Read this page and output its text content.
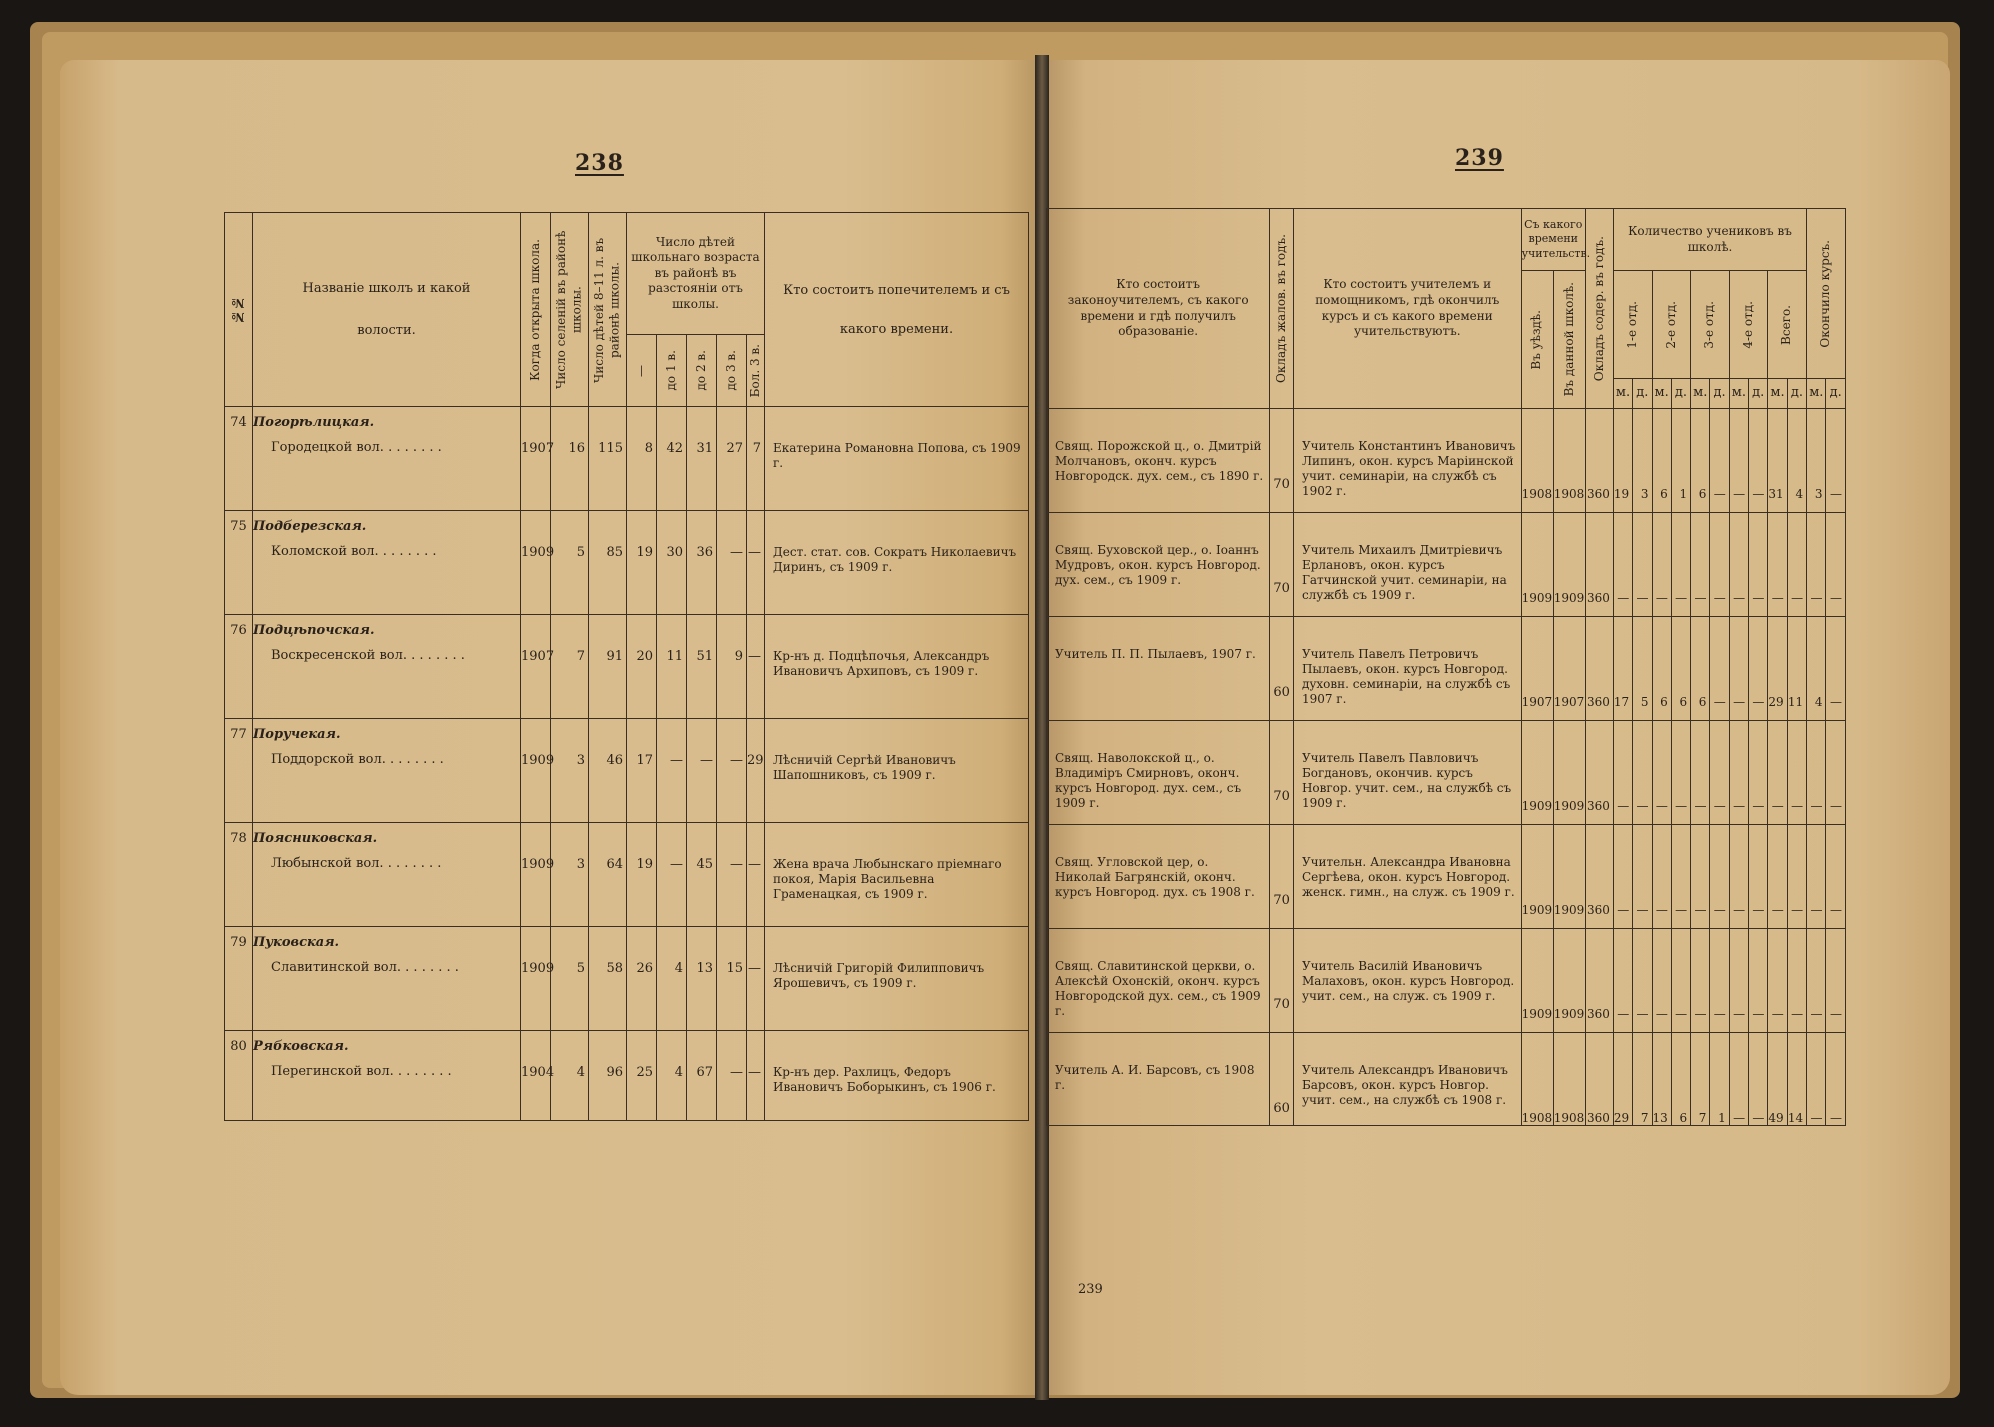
238	239
№№	Названіе школъ и какой волости.	Когда открыта школа.	Число селеній въ районѣ школы.	Число дѣтей 8–11 л. въ районѣ школы.	Число дѣтей школьнаго возраста въ районѣ въ разстояніи отъ школы.					Кто состоитъ попечителемъ и съ какого времени.

					—	до 1 в.	до 2 в.	до 3 в.	Бол. 3 в.	

74	Погорѣлицкая.
Городецкой вол. . . . . . . .	1907	16	115	8	42	31	27	7	Екатерина Романовна Попова, съ 1909 г.
75	Подберезская.
Коломской вол. . . . . . . .	1909	5	85	19	30	36	—	—	Дест. стат. сов. Сократъ Николаевичъ Диринъ, съ 1909 г.
76	Подцѣпочская.
Воскресенской вол. . . . . . . .	1907	7	91	20	11	51	9	—	Кр-нъ д. Подцѣпочья, Александръ Ивановичъ Архиповъ, съ 1909 г.
77	Поручекая.
Поддорской вол. . . . . . . .	1909	3	46	17	—	—	—	29	Лѣсничій Сергѣй Ивановичъ Шапошниковъ, съ 1909 г.
78	Поясниковская.
Любынской вол. . . . . . . .	1909	3	64	19	—	45	—	—	Жена врача Любынскаго пріемнаго покоя, Марія Васильевна Граменацкая, съ 1909 г.
79	Пуковская.
Славитинской вол. . . . . . . .	1909	5	58	26	4	13	15	—	Лѣсничій Григорій Филипповичъ Ярошевичъ, съ 1909 г.
80	Рябковская.
Перегинской вол. . . . . . . .	1904	4	96	25	4	67	—	—	Кр-нъ дер. Рахлицъ, Федоръ Ивановичъ Боборыкинъ, съ 1906 г.
Кто состоитъ законоучителемъ, съ какого времени и гдѣ получилъ образованіе.	Окладъ жалов. въ годъ.	Кто состоитъ учителемъ и помощникомъ, гдѣ окончилъ курсъ и съ какого времени учительствуютъ.	Съ какого времени учительств.		Окладъ содер. въ годъ.	Количество учениковъ въ школѣ.										Окончило курсъ.	

			Въ уѣздѣ.	Въ данной школѣ.		1-е отд.		2-е отд.		3-е отд.		4-е отд.		Всего.			

						м.	д.	м.	д.	м.	д.	м.	д.	м.	д.	м.	д.
Свящ. Порожской ц., о. Дмитрій Молчановъ, оконч. курсъ Новгородск. дух. сем., съ 1890 г.	70	Учитель Константинъ Ивановичъ Липинъ, окон. курсъ Маріинской учит. семинаріи, на службѣ съ 1902 г.	1908	1908	360	19	3	6	1	6	—	—	—	31	4	3	—

Свящ. Буховской цер., о. Іоаннъ Мудровъ, окон. курсъ Новгород. дух. сем., съ 1909 г.	70	Учитель Михаилъ Дмитріевичъ Ерлановъ, окон. курсъ Гатчинской учит. семинаріи, на службѣ съ 1909 г.	1909	1909	360	—	—	—	—	—	—	—	—	—	—	—	—

Учитель П. П. Пылаевъ, 1907 г.	60	Учитель Павелъ Петровичъ Пылаевъ, окон. курсъ Новгород. духовн. семинаріи, на службѣ съ 1907 г.	1907	1907	360	17	5	6	6	6	—	—	—	29	11	4	—

Свящ. Наволокской ц., о. Владиміръ Смирновъ, оконч. курсъ Новгород. дух. сем., съ 1909 г.	70	Учитель Павелъ Павловичъ Богдановъ, окончив. курсъ Новгор. учит. сем., на службѣ съ 1909 г.	1909	1909	360	—	—	—	—	—	—	—	—	—	—	—	—

Свящ. Угловской цер, о. Николай Багрянскій, оконч. курсъ Новгород. дух. съ 1908 г.	70	Учительн. Александра Ивановна Сергѣева, окон. курсъ Новгород. женск. гимн., на служ. съ 1909 г.	1909	1909	360	—	—	—	—	—	—	—	—	—	—	—	—

Свящ. Славитинской церкви, о. Алексѣй Охонскій, оконч. курсъ Новгородской дух. сем., съ 1909 г.	70	Учитель Василій Ивановичъ Малаховъ, окон. курсъ Новгород. учит. сем., на служ. съ 1909 г.	1909	1909	360	—	—	—	—	—	—	—	—	—	—	—	—

Учитель А. И. Барсовъ, съ 1908 г.	60	Учитель Александръ Ивановичъ Барсовъ, окон. курсъ Новгор. учит. сем., на службѣ съ 1908 г.	1908	1908	360	29	7	13	6	7	1	—	—	49	14	—	—
239
